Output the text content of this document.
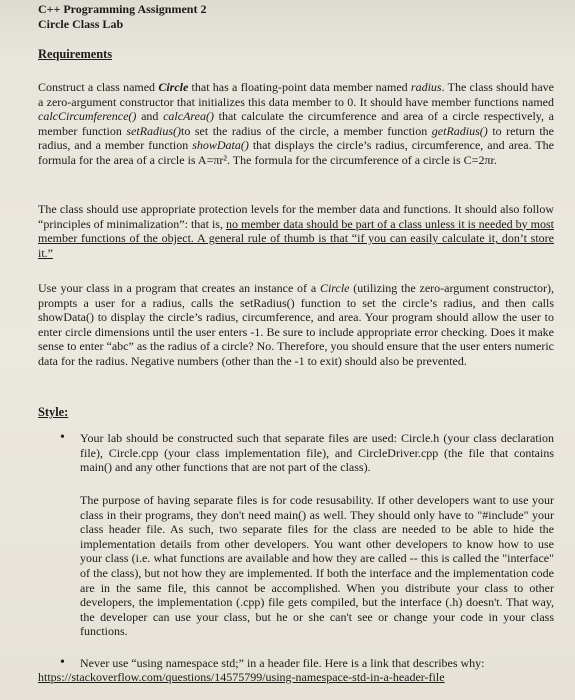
C++ Programming Assignment 2
Circle Class Lab
Requirements
Construct a class named Circle that has a floating-point data member named radius. The class should have a zero-argument constructor that initializes this data member to 0. It should have member functions named calcCircumference() and calcArea() that calculate the circumference and area of a circle respectively, a member function setRadius()to set the radius of the circle, a member function getRadius() to return the radius, and a member function showData() that displays the circle’s radius, circumference, and area. The formula for the area of a circle is A=πr². The formula for the circumference of a circle is C=2πr.
The class should use appropriate protection levels for the member data and functions. It should also follow “principles of minimalization”: that is, no member data should be part of a class unless it is needed by most member functions of the object. A general rule of thumb is that “if you can easily calculate it, don’t store it.”
Use your class in a program that creates an instance of a Circle (utilizing the zero-argument constructor), prompts a user for a radius, calls the setRadius() function to set the circle’s radius, and then calls showData() to display the circle’s radius, circumference, and area. Your program should allow the user to enter circle dimensions until the user enters -1. Be sure to include appropriate error checking. Does it make sense to enter “abc” as the radius of a circle? No. Therefore, you should ensure that the user enters numeric data for the radius. Negative numbers (other than the -1 to exit) should also be prevented.
Style:
• Your lab should be constructed such that separate files are used: Circle.h (your class declaration file), Circle.cpp (your class implementation file), and CircleDriver.cpp (the file that contains main() and any other functions that are not part of the class).
The purpose of having separate files is for code resusability. If other developers want to use your class in their programs, they don't need main() as well. They should only have to "#include" your class header file. As such, two separate files for the class are needed to be able to hide the implementation details from other developers. You want other developers to know how to use your class (i.e. what functions are available and how they are called -- this is called the "interface" of the class), but not how they are implemented. If both the interface and the implementation code are in the same file, this cannot be accomplished. When you distribute your class to other developers, the implementation (.cpp) file gets compiled, but the interface (.h) doesn't. That way, the developer can use your class, but he or she can't see or change your code in your class functions.
• Never use “using namespace std;” in a header file. Here is a link that describes why:
https://stackoverflow.com/questions/14575799/using-namespace-std-in-a-header-file
